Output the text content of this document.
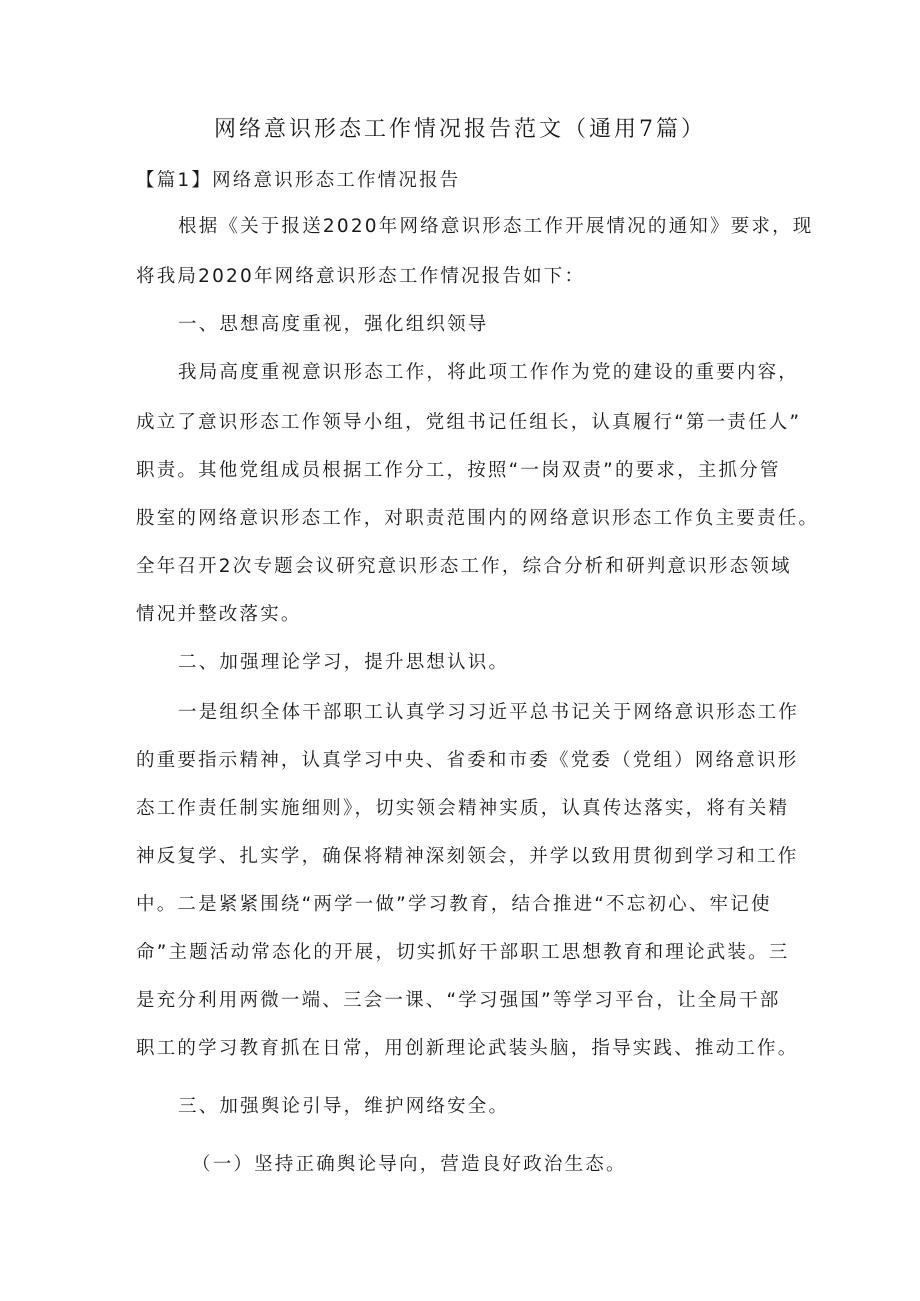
网络意识形态工作情况报告范文（通用7篇）
【篇1】网络意识形态工作情况报告
根据《关于报送2020年网络意识形态工作开展情况的通知》要求，现
将我局2020年网络意识形态工作情况报告如下：
一、思想高度重视，强化组织领导
我局高度重视意识形态工作，将此项工作作为党的建设的重要内容，
成立了意识形态工作领导小组，党组书记任组长，认真履行“第一责任人”
职责。其他党组成员根据工作分工，按照“一岗双责”的要求，主抓分管
股室的网络意识形态工作，对职责范围内的网络意识形态工作负主要责任。
全年召开2次专题会议研究意识形态工作，综合分析和研判意识形态领域
情况并整改落实。
二、加强理论学习，提升思想认识。
一是组织全体干部职工认真学习习近平总书记关于网络意识形态工作
的重要指示精神，认真学习中央、省委和市委《党委（党组）网络意识形
态工作责任制实施细则》，切实领会精神实质，认真传达落实，将有关精
神反复学、扎实学，确保将精神深刻领会，并学以致用贯彻到学习和工作
中。二是紧紧围绕“两学一做”学习教育，结合推进“不忘初心、牢记使
命”主题活动常态化的开展，切实抓好干部职工思想教育和理论武装。三
是充分利用两微一端、三会一课、“学习强国”等学习平台，让全局干部
职工的学习教育抓在日常，用创新理论武装头脑，指导实践、推动工作。
三、加强舆论引导，维护网络安全。
（一）坚持正确舆论导向，营造良好政治生态。
